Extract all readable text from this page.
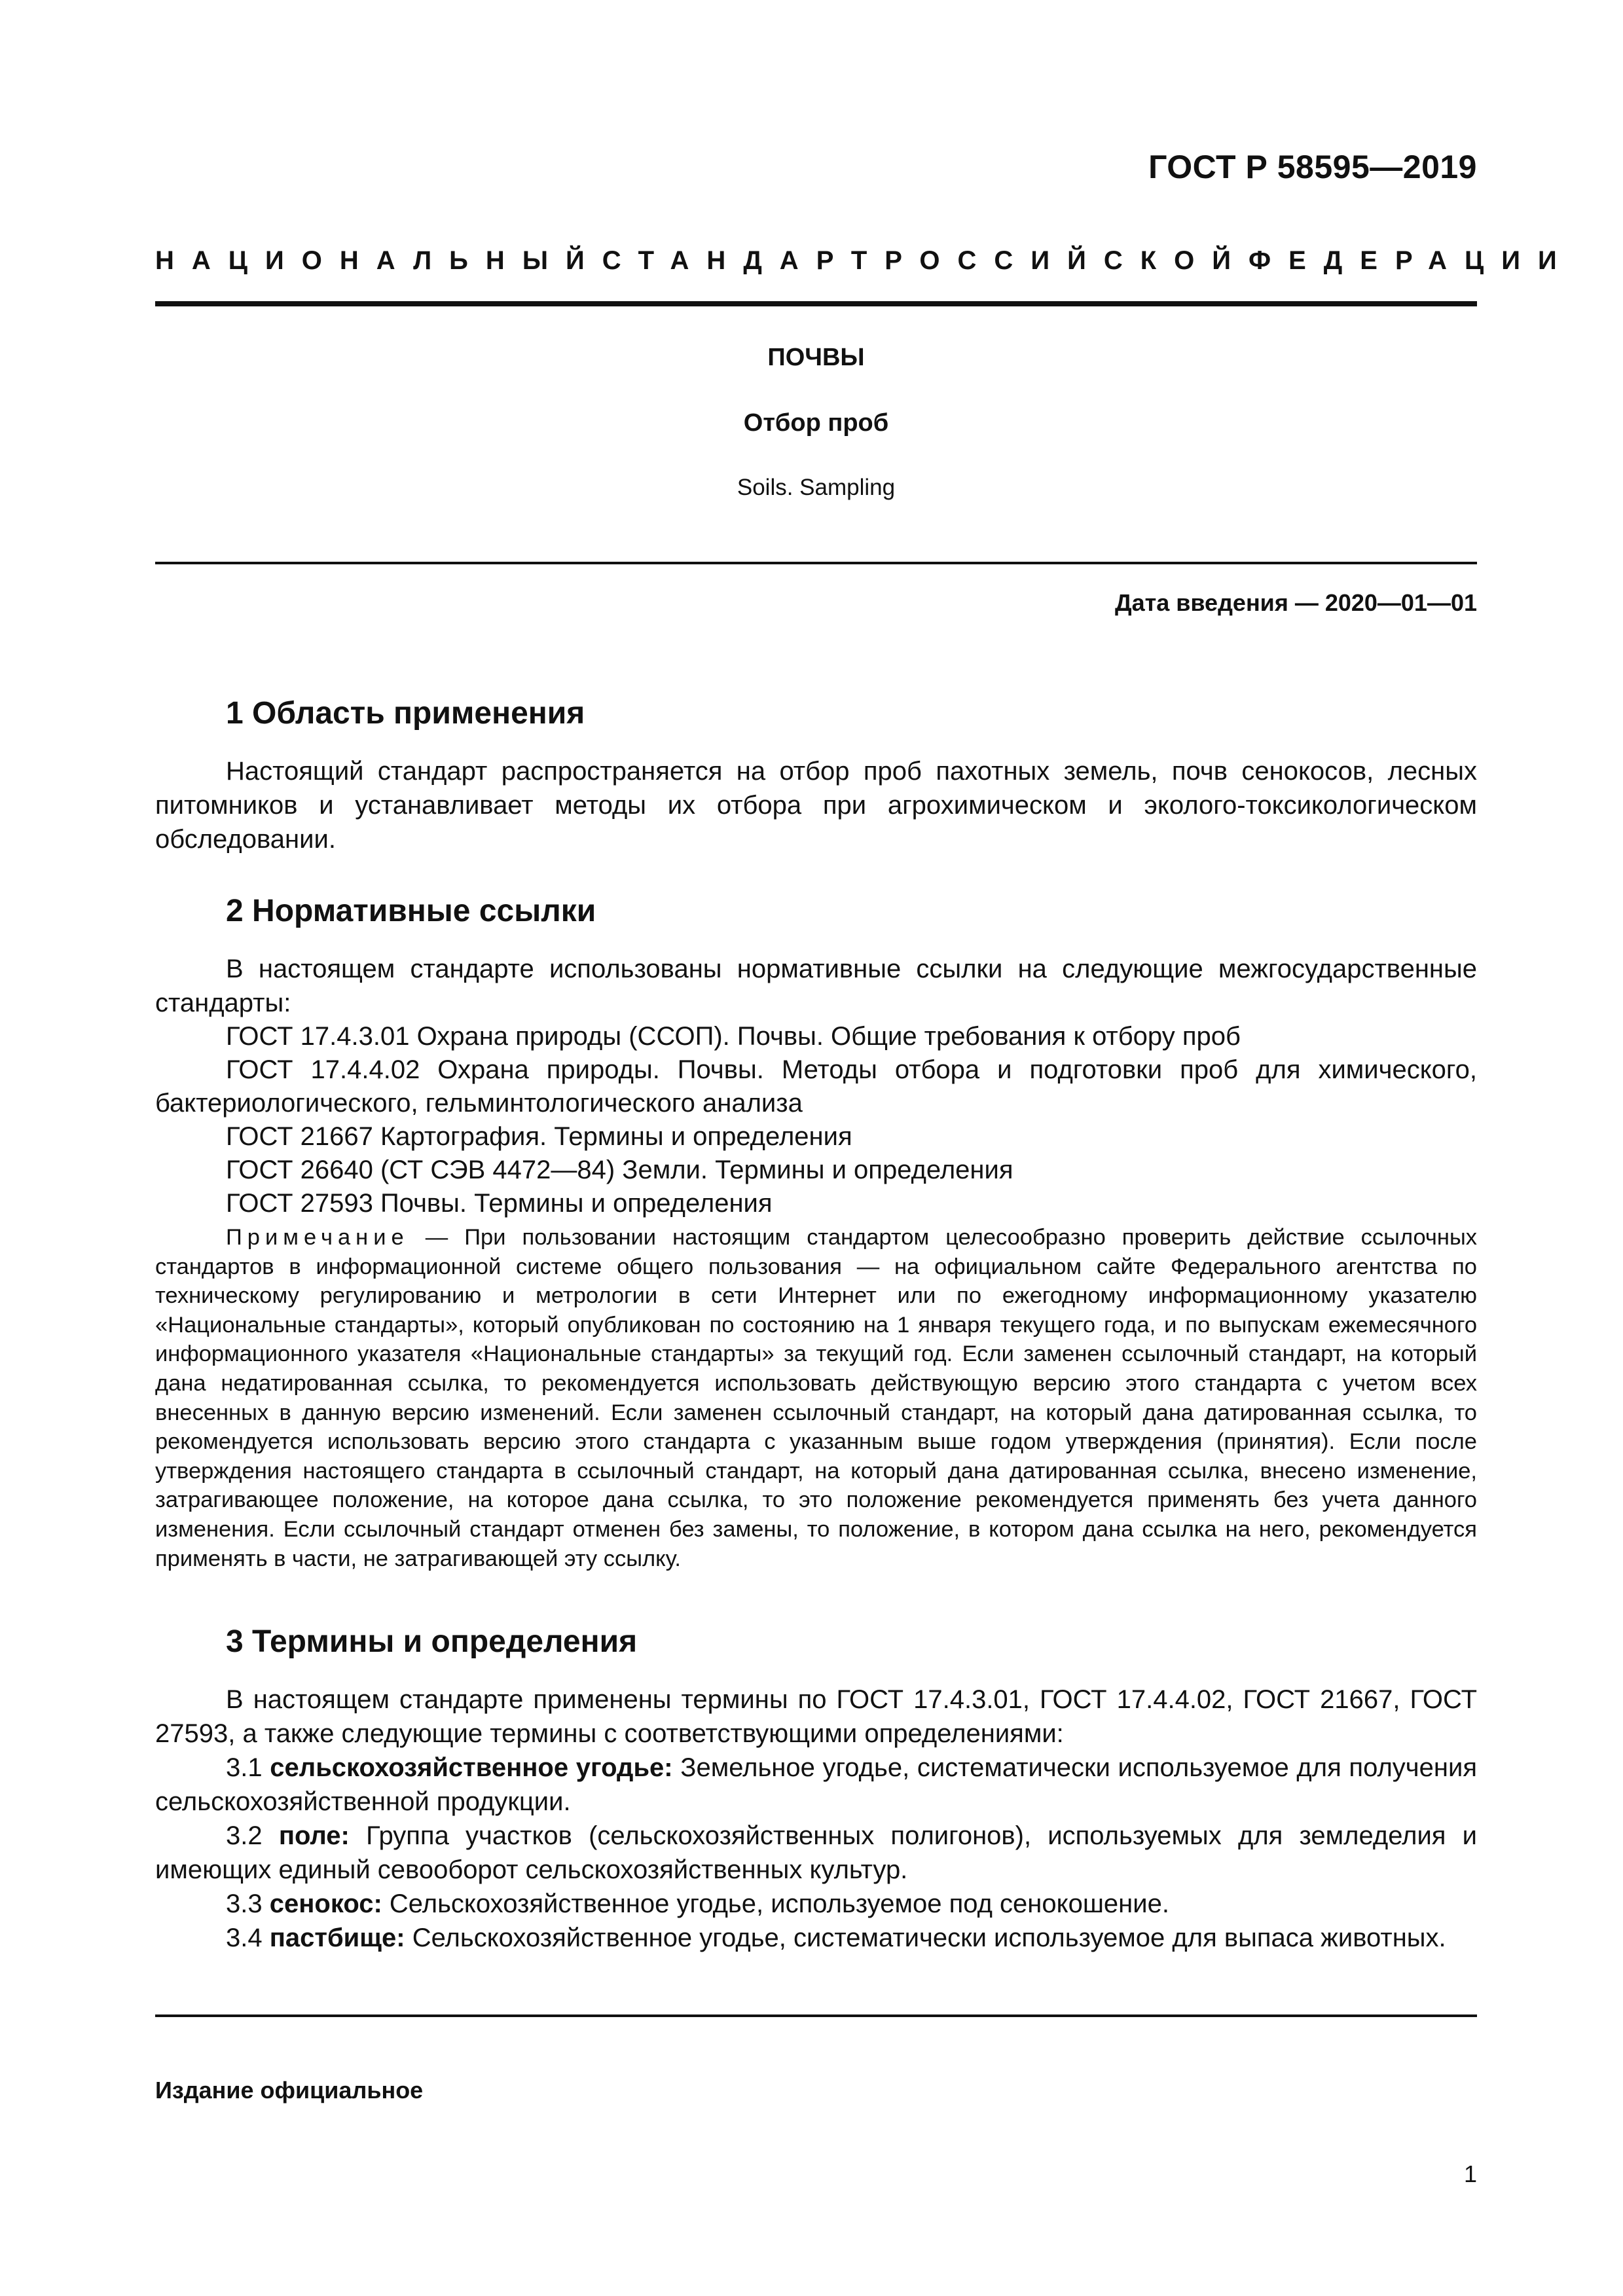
ГОСТ Р 58595—2019
НАЦИОНАЛЬНЫЙ СТАНДАРТ РОССИЙСКОЙ ФЕДЕРАЦИИ
ПОЧВЫ
Отбор проб
Soils. Sampling
Дата введения — 2020—01—01
1 Область применения

Настоящий стандарт распространяется на отбор проб пахотных земель, почв сенокосов, лесных питомников и устанавливает методы их отбора при агрохимическом и эколого-токсикологическом обследовании.

2 Нормативные ссылки

В настоящем стандарте использованы нормативные ссылки на следующие межгосударственные стандарты:

ГОСТ 17.4.3.01 Охрана природы (ССОП). Почвы. Общие требования к отбору проб

ГОСТ 17.4.4.02 Охрана природы. Почвы. Методы отбора и подготовки проб для химического, бактериологического, гельминтологического анализа

ГОСТ 21667 Картография. Термины и определения
ГОСТ 26640 (СТ СЭВ 4472—84) Земли. Термины и определения
ГОСТ 27593 Почвы. Термины и определения

Примечание — При пользовании настоящим стандартом целесообразно проверить действие ссылочных стандартов в информационной системе общего пользования — на официальном сайте Федерального агентства по техническому регулированию и метрологии в сети Интернет или по ежегодному информационному указателю «Национальные стандарты», который опубликован по состоянию на 1 января текущего года, и по выпускам ежемесячного информационного указателя «Национальные стандарты» за текущий год. Если заменен ссылочный стандарт, на который дана недатированная ссылка, то рекомендуется использовать действующую версию этого стандарта с учетом всех внесенных в данную версию изменений. Если заменен ссылочный стандарт, на который дана датированная ссылка, то рекомендуется использовать версию этого стандарта с указанным выше годом утверждения (принятия). Если после утверждения настоящего стандарта в ссылочный стандарт, на который дана датированная ссылка, внесено изменение, затрагивающее положение, на которое дана ссылка, то это положение рекомендуется применять без учета данного изменения. Если ссылочный стандарт отменен без замены, то положение, в котором дана ссылка на него, рекомендуется применять в части, не затрагивающей эту ссылку.

3 Термины и определения

В настоящем стандарте применены термины по ГОСТ 17.4.3.01, ГОСТ 17.4.4.02, ГОСТ 21667, ГОСТ 27593, а также следующие термины с соответствующими определениями:

3.1 сельскохозяйственное угодье: Земельное угодье, систематически используемое для получения сельскохозяйственной продукции.

3.2 поле: Группа участков (сельскохозяйственных полигонов), используемых для земледелия и имеющих единый севооборот сельскохозяйственных культур.

3.3 сенокос: Сельскохозяйственное угодье, используемое под сенокошение.

3.4 пастбище: Сельскохозяйственное угодье, систематически используемое для выпаса животных.

Издание официальное
1
